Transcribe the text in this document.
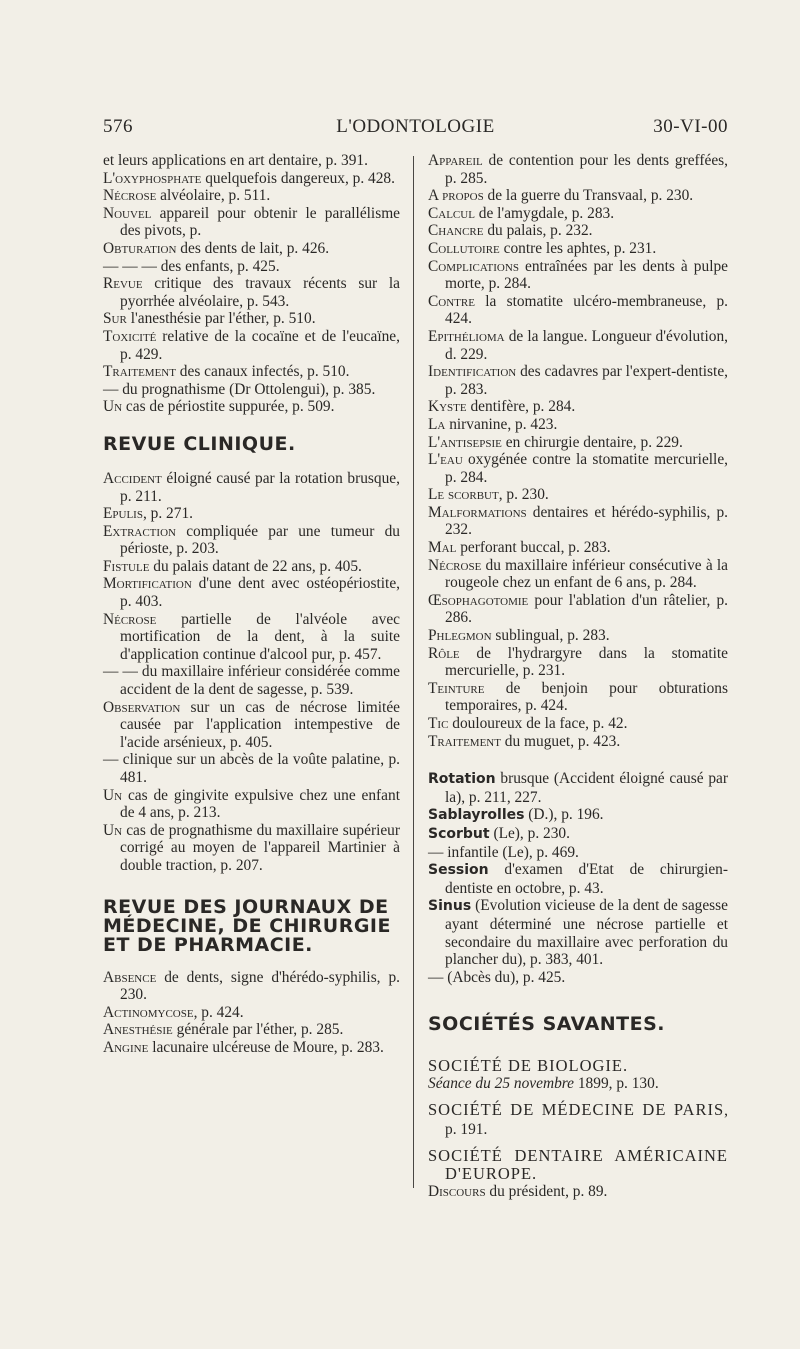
576	L'ODONTOLOGIE	30-VI-00

et leurs applications en art dentaire, p. 391.

L'oxyphosphate quelquefois dangereux, p. 428.

Nécrose alvéolaire, p. 511.

Nouvel appareil pour obtenir le parallélisme des pivots, p.

Obturation des dents de lait, p. 426.

— — — des enfants, p. 425.

Revue critique des travaux récents sur la pyorrhée alvéolaire, p. 543.

Sur l'anesthésie par l'éther, p. 510.

Toxicité relative de la cocaïne et de l'eucaïne, p. 429.

Traitement des canaux infectés, p. 510.

— du prognathisme (Dr Ottolengui), p. 385.

Un cas de périostite suppurée, p. 509.

REVUE CLINIQUE.

Accident éloigné causé par la rotation brusque, p. 211.

Epulis, p. 271.

Extraction compliquée par une tumeur du périoste, p. 203.

Fistule du palais datant de 22 ans, p. 405.

Mortification d'une dent avec ostéopériostite, p. 403.

Nécrose partielle de l'alvéole avec mortification de la dent, à la suite d'application continue d'alcool pur, p. 457.

— — du maxillaire inférieur considérée comme accident de la dent de sagesse, p. 539.

Observation sur un cas de nécrose limitée causée par l'application intempestive de l'acide arsénieux, p. 405.

— clinique sur un abcès de la voûte palatine, p. 481.

Un cas de gingivite expulsive chez une enfant de 4 ans, p. 213.

Un cas de prognathisme du maxillaire supérieur corrigé au moyen de l'appareil Martinier à double traction, p. 207.

REVUE DES JOURNAUX DE MÉDECINE, DE CHIRURGIE ET DE PHARMACIE.

Absence de dents, signe d'hérédo-syphilis, p. 230.

Actinomycose, p. 424.

Anesthésie générale par l'éther, p. 285.

Angine lacunaire ulcéreuse de Moure, p. 283.

Appareil de contention pour les dents greffées, p. 285.

A propos de la guerre du Transvaal, p. 230.

Calcul de l'amygdale, p. 283.

Chancre du palais, p. 232.

Collutoire contre les aphtes, p. 231.

Complications entraînées par les dents à pulpe morte, p. 284.

Contre la stomatite ulcéro-membraneuse, p. 424.

Epithélioma de la langue. Longueur d'évolution, d. 229.

Identification des cadavres par l'expert-dentiste, p. 283.

Kyste dentifère, p. 284.

La nirvanine, p. 423.

L'antisepsie en chirurgie dentaire, p. 229.

L'eau oxygénée contre la stomatite mercurielle, p. 284.

Le scorbut, p. 230.

Malformations dentaires et hérédo-syphilis, p. 232.

Mal perforant buccal, p. 283.

Nécrose du maxillaire inférieur consécutive à la rougeole chez un enfant de 6 ans, p. 284.

Œsophagotomie pour l'ablation d'un râtelier, p. 286.

Phlegmon sublingual, p. 283.

Rôle de l'hydrargyre dans la stomatite mercurielle, p. 231.

Teinture de benjoin pour obturations temporaires, p. 424.

Tic douloureux de la face, p. 42.

Traitement du muguet, p. 423.

Rotation brusque (Accident éloigné causé par la), p. 211, 227.

Sablayrolles (D.), p. 196.

Scorbut (Le), p. 230.

— infantile (Le), p. 469.

Session d'examen d'Etat de chirurgien-dentiste en octobre, p. 43.

Sinus (Evolution vicieuse de la dent de sagesse ayant déterminé une nécrose partielle et secondaire du maxillaire avec perforation du plancher du), p. 383, 401.

— (Abcès du), p. 425.

SOCIÉTÉS SAVANTES.

SOCIÉTÉ DE BIOLOGIE.

Séance du 25 novembre 1899, p. 130.

SOCIÉTÉ DE MÉDECINE DE PARIS, p. 191.

SOCIÉTÉ DENTAIRE AMÉRICAINE D'EUROPE.

Discours du président, p. 89.
